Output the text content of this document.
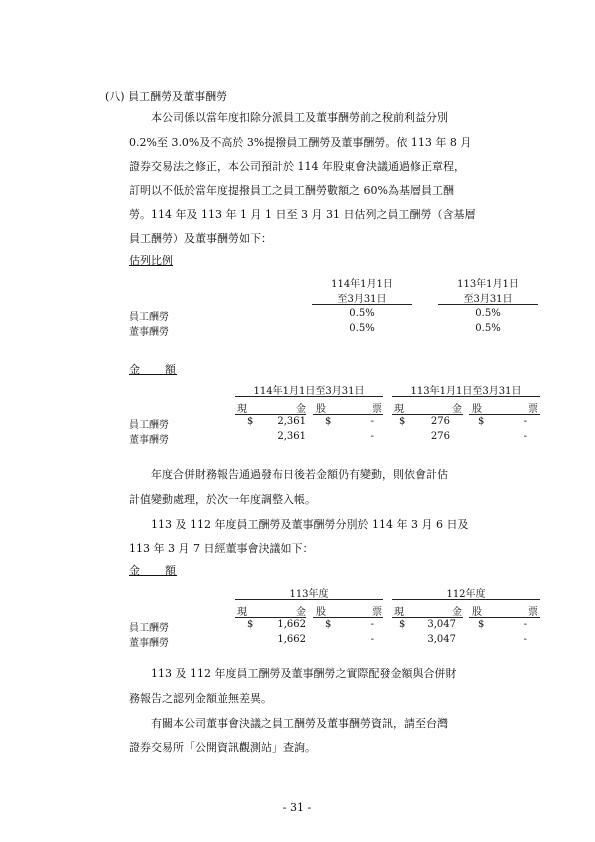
(八) 員工酬勞及董事酬勞
本公司係以當年度扣除分派員工及董事酬勞前之稅前利益分別
0.2%至 3.0%及不高於 3%提撥員工酬勞及董事酬勞。依 113 年 8 月
證券交易法之修正，本公司預計於 114 年股東會決議通過修正章程，
訂明以不低於當年度提撥員工之員工酬勞數額之 60%為基層員工酬
勞。114 年及 113 年 1 月 1 日至 3 月 31 日估列之員工酬勞（含基層
員工酬勞）及董事酬勞如下：
估列比例
114年1月1日
至3月31日
113年1月1日
至3月31日
員工酬勞	0.5%	0.5%
董事酬勞	0.5%	0.5%
金　　額
114年1月1日至3月31日	113年1月1日至3月31日
現	金 股	票 現	金 股	票
員工酬勞	$	2,361 $	-	$	276	$	-
董事酬勞	2,361	-	276	-
年度合併財務報告通過發布日後若金額仍有變動，則依會計估
計值變動處理，於次一年度調整入帳。
113 及 112 年度員工酬勞及董事酬勞分別於 114 年 3 月 6 日及
113 年 3 月 7 日經董事會決議如下：
金　　額
113年度	112年度
現	金 股	票 現	金 股	票
員工酬勞	$	1,662 $	-	$	3,047 $	-
董事酬勞	1,662	-	3,047	-
113 及 112 年度員工酬勞及董事酬勞之實際配發金額與合併財
務報告之認列金額並無差異。
有關本公司董事會決議之員工酬勞及董事酬勞資訊，請至台灣
證券交易所「公開資訊觀測站」查詢。
- 31 -
